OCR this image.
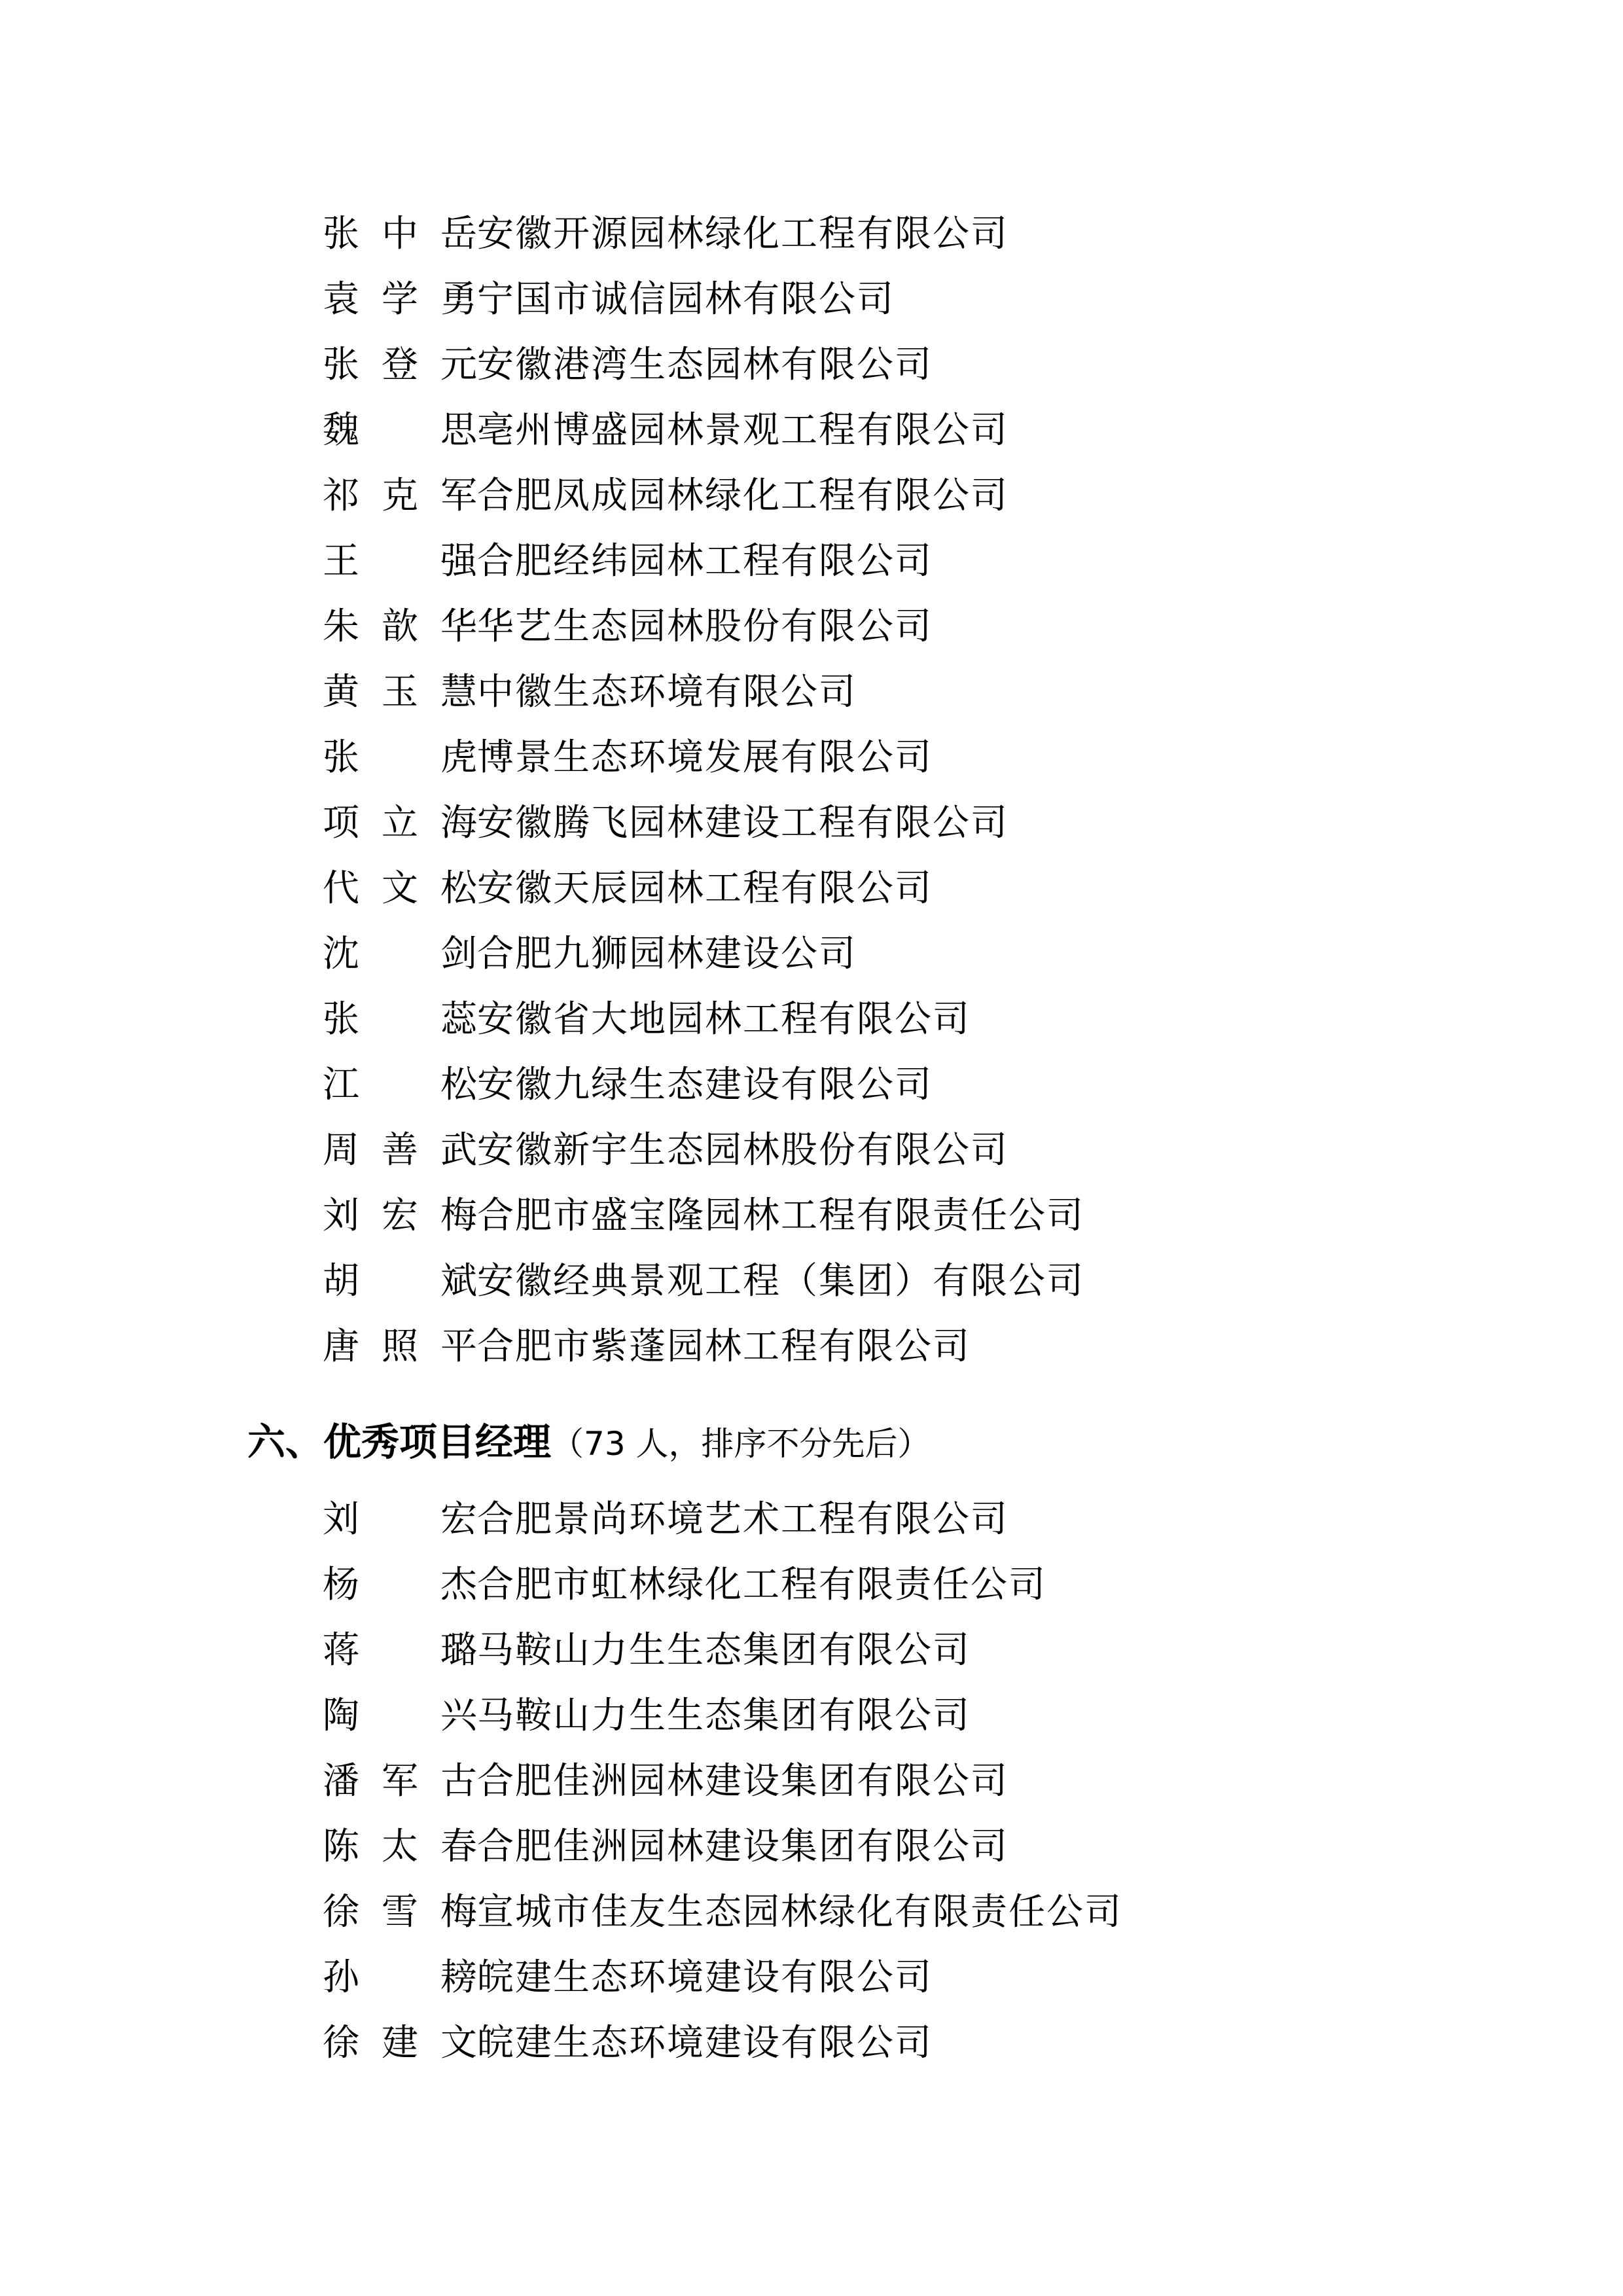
张中岳安徽开源园林绿化工程有限公司
袁学勇宁国市诚信园林有限公司
张登元安徽港湾生态园林有限公司
魏思亳州博盛园林景观工程有限公司
祁克军合肥凤成园林绿化工程有限公司
王强合肥经纬园林工程有限公司
朱歆华华艺生态园林股份有限公司
黄玉慧中徽生态环境有限公司
张虎博景生态环境发展有限公司
项立海安徽腾飞园林建设工程有限公司
代文松安徽天辰园林工程有限公司
沈剑合肥九狮园林建设公司
张蕊安徽省大地园林工程有限公司
江松安徽九绿生态建设有限公司
周善武安徽新宇生态园林股份有限公司
刘宏梅合肥市盛宝隆园林工程有限责任公司
胡斌安徽经典景观工程（集团）有限公司
唐照平合肥市紫蓬园林工程有限公司
六、优秀项目经理（73 人，排序不分先后）
刘宏合肥景尚环境艺术工程有限公司
杨杰合肥市虹林绿化工程有限责任公司
蒋璐马鞍山力生生态集团有限公司
陶兴马鞍山力生生态集团有限公司
潘军古合肥佳洲园林建设集团有限公司
陈太春合肥佳洲园林建设集团有限公司
徐雪梅宣城市佳友生态园林绿化有限责任公司
孙耪皖建生态环境建设有限公司
徐建文皖建生态环境建设有限公司
